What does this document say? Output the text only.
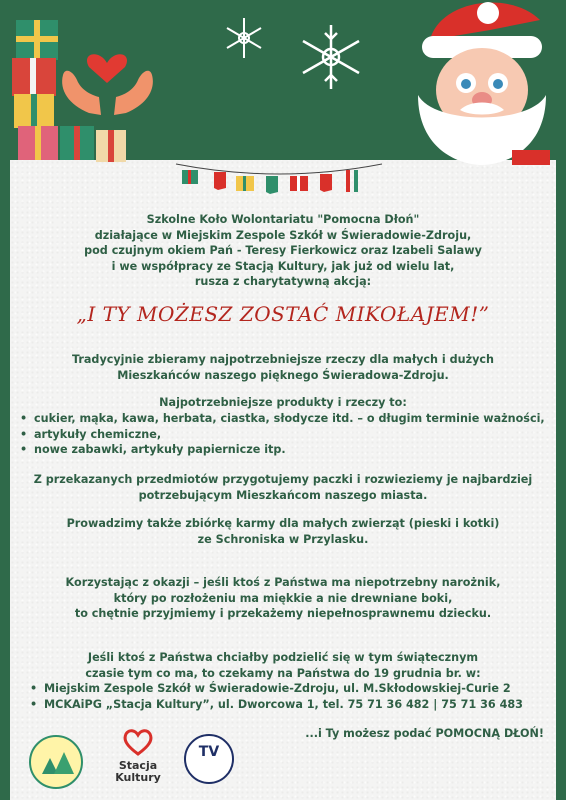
Szkolne Koło Wolontariatu "Pomocna Dłoń"
działające w Miejskim Zespole Szkół w Świeradowie-Zdroju,
pod czujnym okiem Pań - Teresy Fierkowicz oraz Izabeli Salawy
i we współpracy ze Stacją Kultury, jak już od wielu lat,
rusza z charytatywną akcją:
„I TY MOŻESZ ZOSTAĆ MIKOŁAJEM!”
Tradycyjnie zbieramy najpotrzebniejsze rzeczy dla małych i dużych
Mieszkańców naszego pięknego Świeradowa-Zdroju.
Najpotrzebniejsze produkty i rzeczy to:
• cukier, mąka, kawa, herbata, ciastka, słodycze itd. – o długim terminie ważności,
• artykuły chemiczne,
• nowe zabawki, artykuły papiernicze itp.
Z przekazanych przedmiotów przygotujemy paczki i rozwieziemy je najbardziej
potrzebującym Mieszkańcom naszego miasta.
Prowadzimy także zbiórkę karmy dla małych zwierząt (pieski i kotki)
ze Schroniska w Przylasku.
Korzystając z okazji – jeśli ktoś z Państwa ma niepotrzebny narożnik,
który po rozłożeniu ma miękkie a nie drewniane boki,
to chętnie przyjmiemy i przekażemy niepełnosprawnemu dziecku.
Jeśli ktoś z Państwa chciałby podzielić się w tym świątecznym
czasie tym co ma, to czekamy na Państwa do 19 grudnia br. w:
• Miejskim Zespole Szkół w Świeradowie-Zdroju, ul. M.Skłodowskiej-Curie 2
• MCKAiPG „Stacja Kultury”, ul. Dworcowa 1, tel. 75 71 36 482 | 75 71 36 483
Stacja
Kultury
TV
...i Ty możesz podać POMOCNĄ DŁOŃ!
